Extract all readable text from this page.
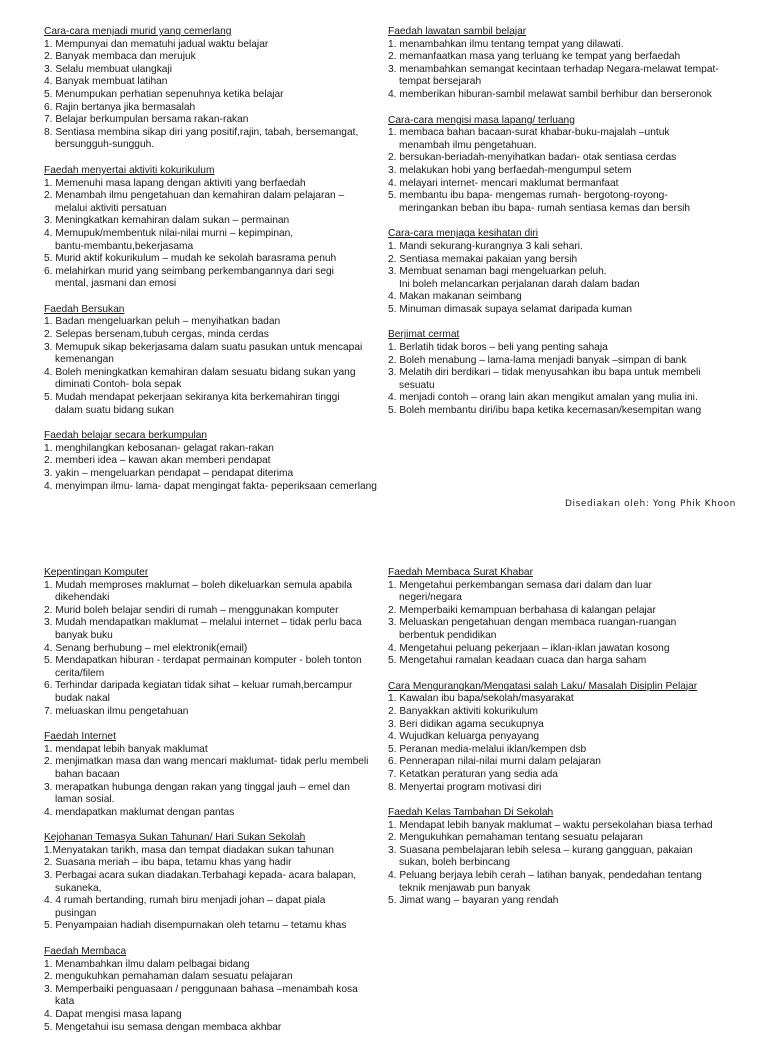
Cara-cara menjadi murid yang cemerlang
1. Mempunyai dan mematuhi jadual waktu belajar
2. Banyak membaca dan merujuk
3. Selalu membuat ulangkaji
4. Banyak membuat latihan
5. Menumpukan perhatian sepenuhnya ketika belajar
6. Rajin bertanya jika bermasalah
7. Belajar berkumpulan bersama rakan-rakan
8. Sentiasa membina sikap diri yang positif,rajin, tabah, bersemangat,
bersungguh-sungguh.
Faedah menyertai aktiviti kokurikulum
1. Memenuhi masa lapang dengan aktiviti yang berfaedah
2. Menambah ilmu pengetahuan dan kemahiran dalam pelajaran –
melalui aktiviti persatuan
3. Meningkatkan kemahiran dalam sukan – permainan
4. Memupuk/membentuk nilai-nilai murni – kepimpinan,
bantu-membantu,bekerjasama
5. Murid aktif kokurikulum – mudah ke sekolah barasrama penuh
6. melahirkan murid yang seimbang perkembangannya dari segi
mental, jasmani dan emosi
Faedah Bersukan
1. Badan mengeluarkan peluh – menyihatkan badan
2. Selepas bersenam,tubuh cergas, minda cerdas
3. Memupuk sikap bekerjasama dalam suatu pasukan untuk mencapai
kemenangan
4. Boleh meningkatkan kemahiran dalam sesuatu bidang sukan yang
diminati Contoh- bola sepak
5. Mudah mendapat pekerjaan sekiranya kita berkemahiran tinggi
dalam suatu bidang sukan
Faedah belajar secara berkumpulan
1. menghilangkan kebosanan- gelagat rakan-rakan
2. memberi idea – kawan akan memberi pendapat
3. yakin – mengeluarkan pendapat – pendapat diterima
4. menyimpan ilmu- lama- dapat mengingat fakta- peperiksaan cemerlang
Faedah lawatan sambil belajar
1. menambahkan ilmu tentang tempat yang dilawati.
2. memanfaatkan masa yang terluang ke tempat yang berfaedah
3. menambahkan semangat kecintaan terhadap Negara-melawat tempat-
tempat bersejarah
4. memberikan hiburan-sambil melawat sambil berhibur dan berseronok
Cara-cara mengisi masa lapang/ terluang
1. membaca bahan bacaan-surat khabar-buku-majalah –untuk
menambah ilmu pengetahuan.
2. bersukan-beriadah-menyihatkan badan- otak sentiasa cerdas
3. melakukan hobi yang berfaedah-mengumpul setem
4. melayari internet- mencari maklumat bermanfaat
5. membantu ibu bapa- mengemas rumah- bergotong-royong-
meringankan beban ibu bapa- rumah sentiasa kemas dan bersih
Cara-cara menjaga kesihatan diri
1. Mandi sekurang-kurangnya 3 kali sehari.
2. Sentiasa memakai pakaian yang bersih
3. Membuat senaman bagi mengeluarkan peluh.
Ini boleh melancarkan perjalanan darah dalam badan
4. Makan makanan seimbang
5. Minuman dimasak supaya selamat daripada kuman
Berjimat cermat
1. Berlatih tidak boros – beli yang penting sahaja
2. Boleh menabung – lama-lama menjadi banyak –simpan di bank
3. Melatih diri berdikari – tidak menyusahkan ibu bapa untuk membeli
sesuatu
4. menjadi contoh – orang lain akan mengikut amalan yang mulia ini.
5. Boleh membantu diri/ibu bapa ketika kecemasan/kesempitan wang
Disediakan oleh: Yong Phik Khoon
Kepentingan Komputer
1. Mudah memproses maklumat – boleh dikeluarkan semula apabila
dikehendaki
2. Murid boleh belajar sendiri di rumah – menggunakan komputer
3. Mudah mendapatkan maklumat – melalui internet – tidak perlu baca
banyak buku
4. Senang berhubung – mel elektronik(email)
5. Mendapatkan hiburan - terdapat permainan komputer - boleh tonton
cerita/filem
6. Terhindar daripada kegiatan tidak sihat – keluar rumah,bercampur
budak nakal
7. meluaskan ilmu pengetahuan
Faedah Internet
1. mendapat lebih banyak maklumat
2. menjimatkan masa dan wang mencari maklumat- tidak perlu membeli
bahan bacaan
3. merapatkan hubunga dengan rakan yang tinggal jauh – emel dan
laman sosial.
4. mendapatkan maklumat dengan pantas
Kejohanan Temasya Sukan Tahunan/ Hari Sukan Sekolah
1.Menyatakan tarikh, masa dan tempat diadakan sukan tahunan
2. Suasana meriah – ibu bapa, tetamu khas yang hadir
3. Perbagai acara sukan diadakan.Terbahagi kepada- acara balapan,
sukaneka,
4. 4 rumah bertanding, rumah biru menjadi johan – dapat piala
pusingan
5. Penyampaian hadiah disempurnakan oleh tetamu – tetamu khas
Faedah Membaca
1. Menambahkan ilmu dalam pelbagai bidang
2. mengukuhkan pemahaman dalam sesuatu pelajaran
3. Memperbaiki penguasaan / penggunaan bahasa –menambah kosa
kata
4. Dapat mengisi masa lapang
5. Mengetahui isu semasa dengan membaca akhbar
Faedah Membaca Surat Khabar
1. Mengetahui perkembangan semasa dari dalam dan luar
negeri/negara
2. Memperbaiki kemampuan berbahasa di kalangan pelajar
3. Meluaskan pengetahuan dengan membaca ruangan-ruangan
berbentuk pendidikan
4. Mengetahui peluang pekerjaan – iklan-iklan jawatan kosong
5. Mengetahui ramalan keadaan cuaca dan harga saham
Cara Mengurangkan/Mengatasi salah Laku/ Masalah Disiplin Pelajar
1. Kawalan ibu bapa/sekolah/masyarakat
2. Banyakkan aktiviti kokurikulum
3. Beri didikan agama secukupnya
4. Wujudkan keluarga penyayang
5. Peranan media-melalui iklan/kempen dsb
6. Pennerapan nilai-nilai murni dalam pelajaran
7. Ketatkan peraturan yang sedia ada
8. Menyertai program motivasi diri
Faedah Kelas Tambahan Di Sekolah
1. Mendapat lebih banyak maklumat – waktu persekolahan biasa terhad
2. Mengukuhkan pemahaman tentang sesuatu pelajaran
3. Suasana pembelajaran lebih selesa – kurang gangguan, pakaian
sukan, boleh berbincang
4. Peluang berjaya lebih cerah – latihan banyak, pendedahan tentang
teknik menjawab pun banyak
5. Jimat wang – bayaran yang rendah
